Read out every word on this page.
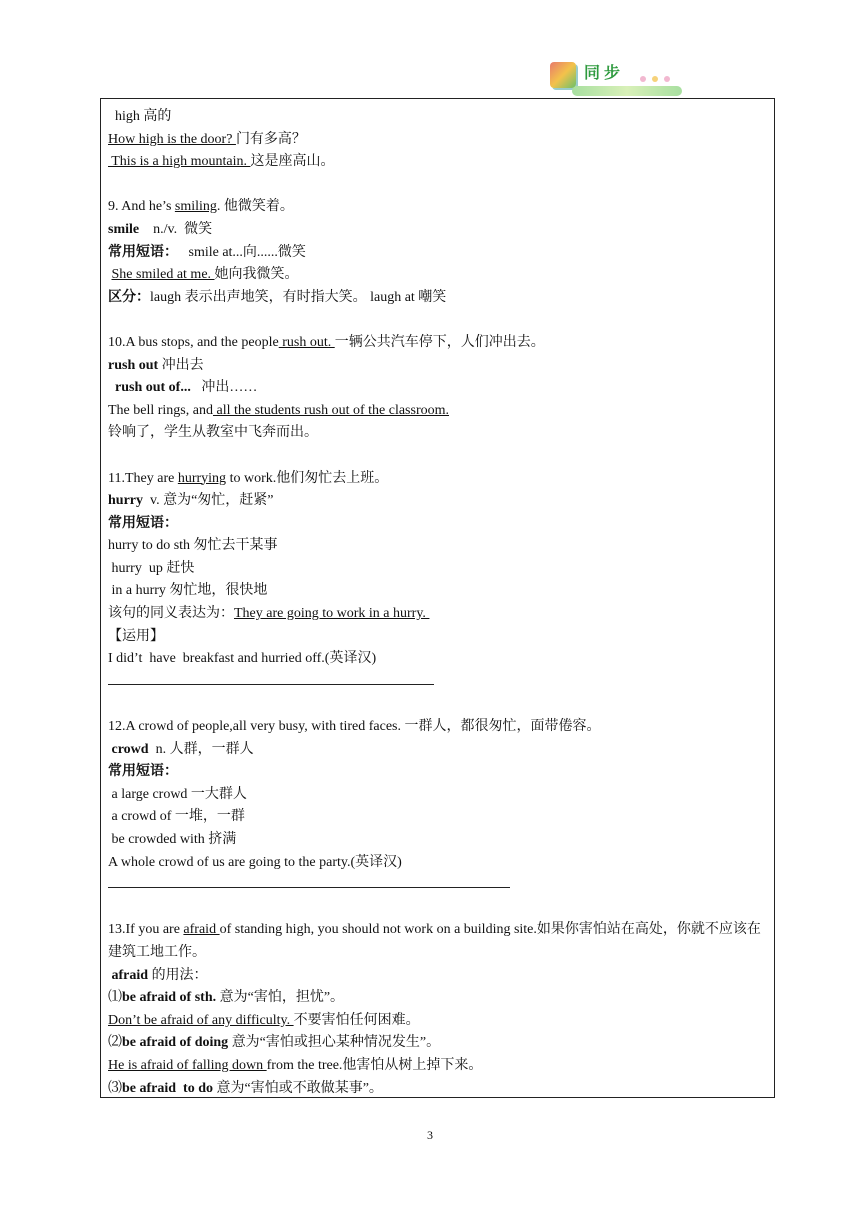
同步
high 高的
How high is the door? 门有多高？
This is a high mountain. 这是座高山。
9. And he’s smiling. 他微笑着。
smile    n./v.  微笑
常用短语：   smile at...向......微笑
She smiled at me. 她向我微笑。
区分：laugh 表示出声地笑，有时指大笑。 laugh at 嘲笑
10.A bus stops, and the people rush out. 一辆公共汽车停下，人们冲出去。
rush out 冲出去
rush out of...   冲出……
The bell rings, and all the students rush out of the classroom.
铃响了，学生从教室中飞奔而出。
11.They are hurrying to work.他们匆忙去上班。
hurry  v. 意为“匆忙，赶紧”
常用短语：
hurry to do sth 匆忙去干某事
hurry  up 赶快
in a hurry 匆忙地，很快地
该句的同义表达为：They are going to work in a hurry.
【运用】
I did’t  have  breakfast and hurried off.(英译汉)
12.A crowd of people,all very busy, with tired faces. 一群人，都很匆忙，面带倦容。
crowd  n. 人群，一群人
常用短语：
a large crowd 一大群人
a crowd of 一堆，一群
be crowded with 挤满
A whole crowd of us are going to the party.(英译汉)
13.If you are afraid of standing high, you should not work on a building site.如果你害怕站在高处，你就不应该在建筑工地工作。
afraid 的用法：
⑴be afraid of sth. 意为“害怕，担忧”。
Don’t be afraid of any difficulty. 不要害怕任何困难。
⑵be afraid of doing 意为“害怕或担心某种情况发生”。
He is afraid of falling down from the tree.他害怕从树上掉下来。
⑶be afraid  to do 意为“害怕或不敢做某事”。
3
